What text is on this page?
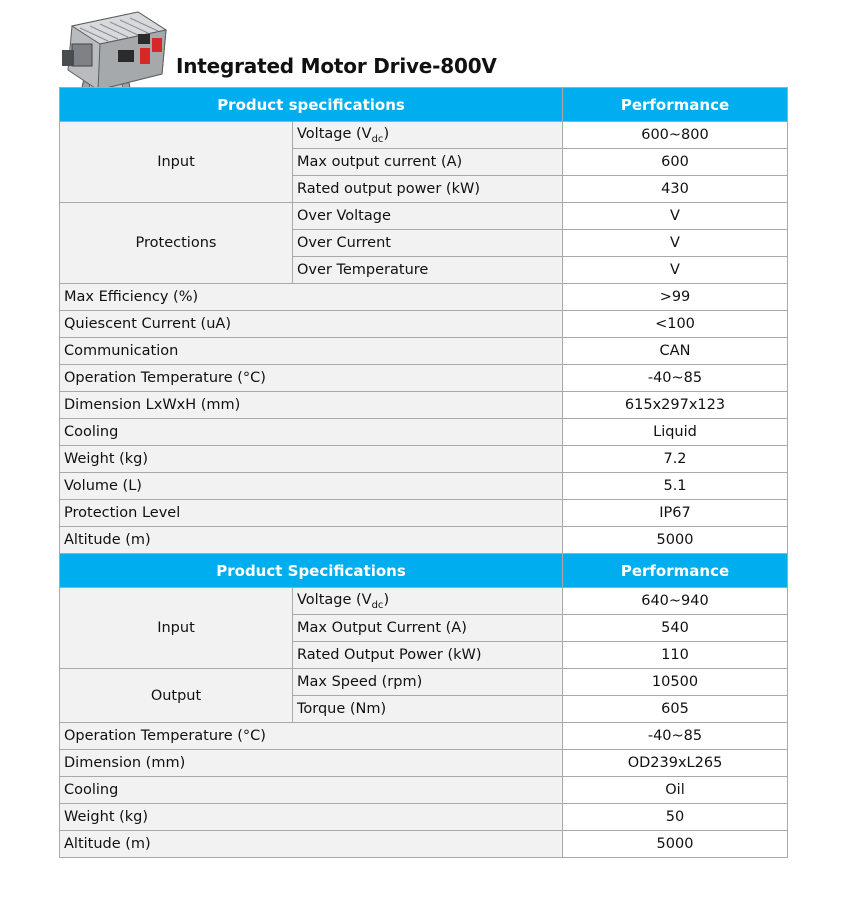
Integrated Motor Drive-800V
Product specifications		Performance
Input	Voltage $(V_{dc})$	600~800
	Max output current (A)	600
	Rated output power (kW)	430
Protections	Over Voltage	V
	Over Current	V
	Over Temperature	V
Max Efficiency (%)		>99
Quiescent Current (uA)		<100
Communication		CAN
Operation Temperature (°C)		-40~85
Dimension LxWxH (mm)		615x297x123
Cooling		Liquid
Weight (kg)		7.2
Volume (L)		5.1
Protection Level		IP67
Altitude (m)		5000
Product Specifications		Performance
Input	Voltage $(V_{dc})$	640~940
	Max Output Current (A)	540
	Rated Output Power (kW)	110
Output	Max Speed (rpm)	10500
	Torque (Nm)	605
Operation Temperature (°C)		-40~85
Dimension (mm)		OD239xL265
Cooling		Oil
Weight (kg)		50
Altitude (m)		5000
